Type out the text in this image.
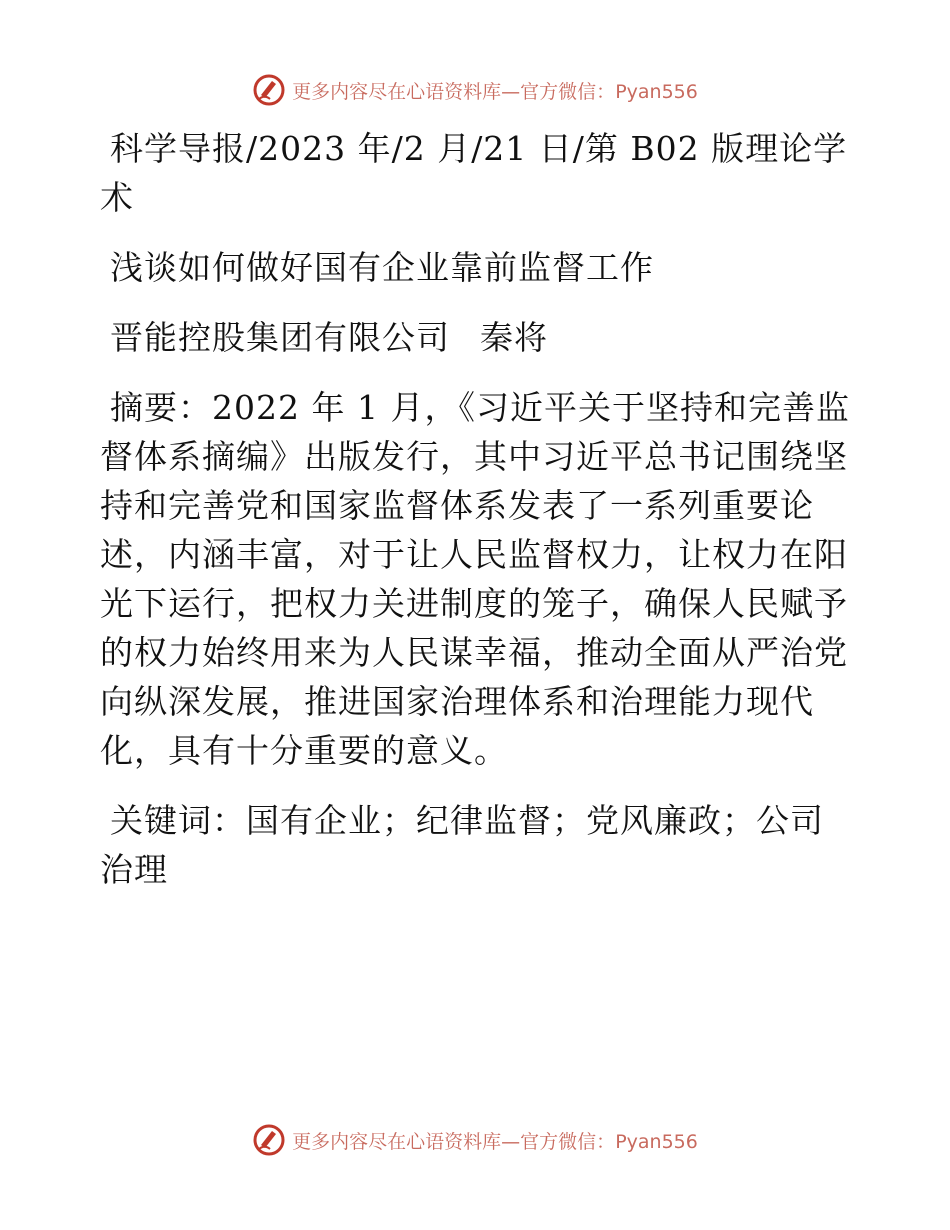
更多内容尽在心语资料库—官方微信：Pyan556

科学导报/2023 年/2 月/21 日/第 B02 版理论学术

浅谈如何做好国有企业靠前监督工作

晋能控股集团有限公司 秦将

摘要：2022 年 1 月，《习近平关于坚持和完善监督体系摘编》出版发行，其中习近平总书记围绕坚持和完善党和国家监督体系发表了一系列重要论述，内涵丰富，对于让人民监督权力，让权力在阳光下运行，把权力关进制度的笼子，确保人民赋予的权力始终用来为人民谋幸福，推动全面从严治党向纵深发展，推进国家治理体系和治理能力现代化，具有十分重要的意义。

关键词：国有企业；纪律监督；党风廉政；公司治理

更多内容尽在心语资料库—官方微信：Pyan556
